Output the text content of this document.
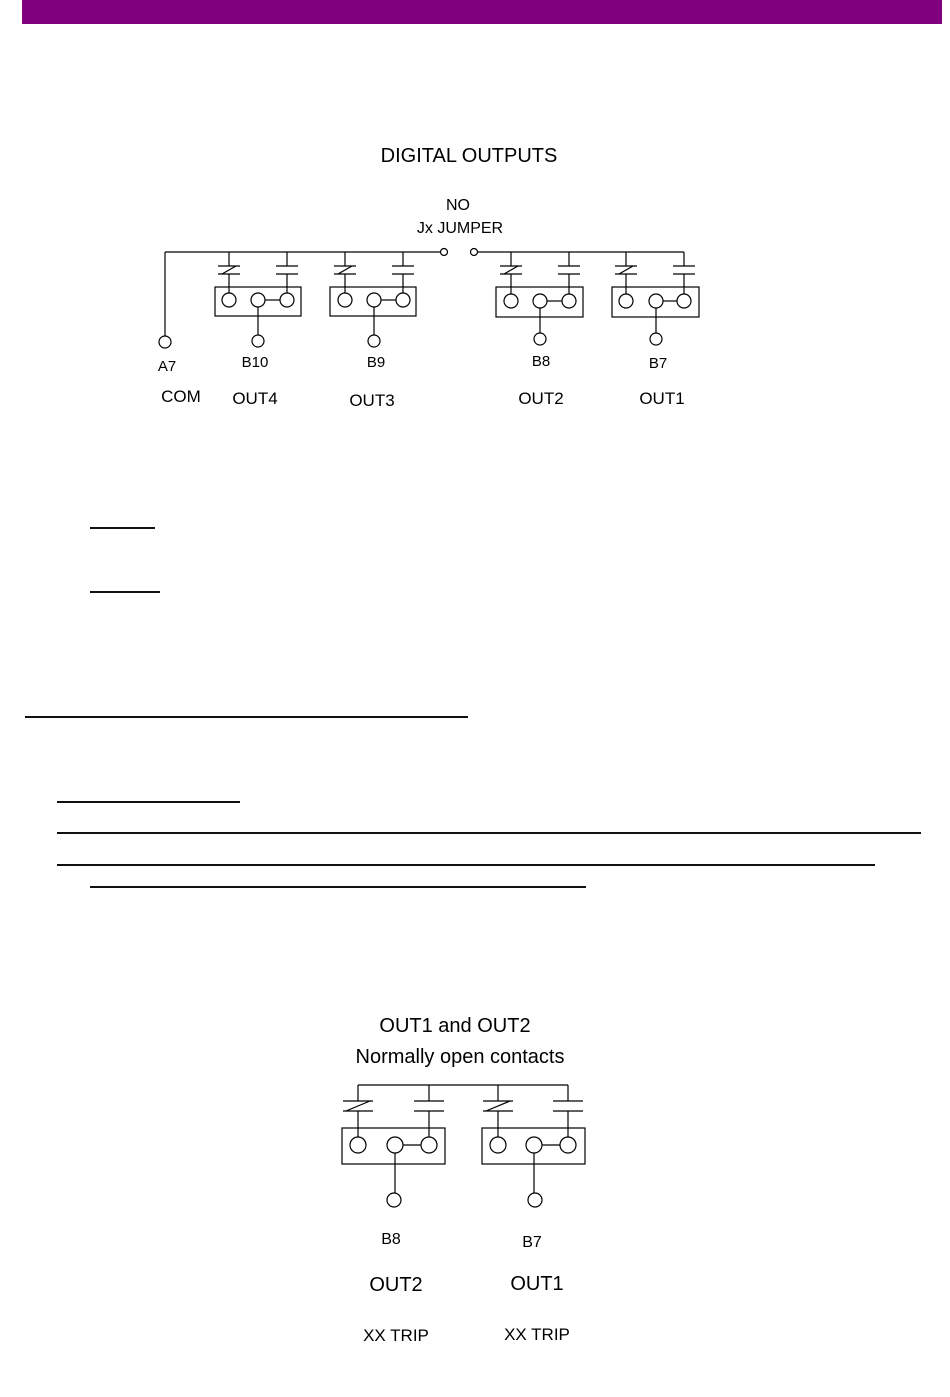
DIGITAL OUTPUTS
NO
Jx JUMPER
A7
COM
B10
OUT4
B9
OUT3
B8
OUT2
B7
OUT1
OUT1 and OUT2
Normally open contacts
B8
OUT2
XX TRIP
B7
OUT1
XX TRIP
